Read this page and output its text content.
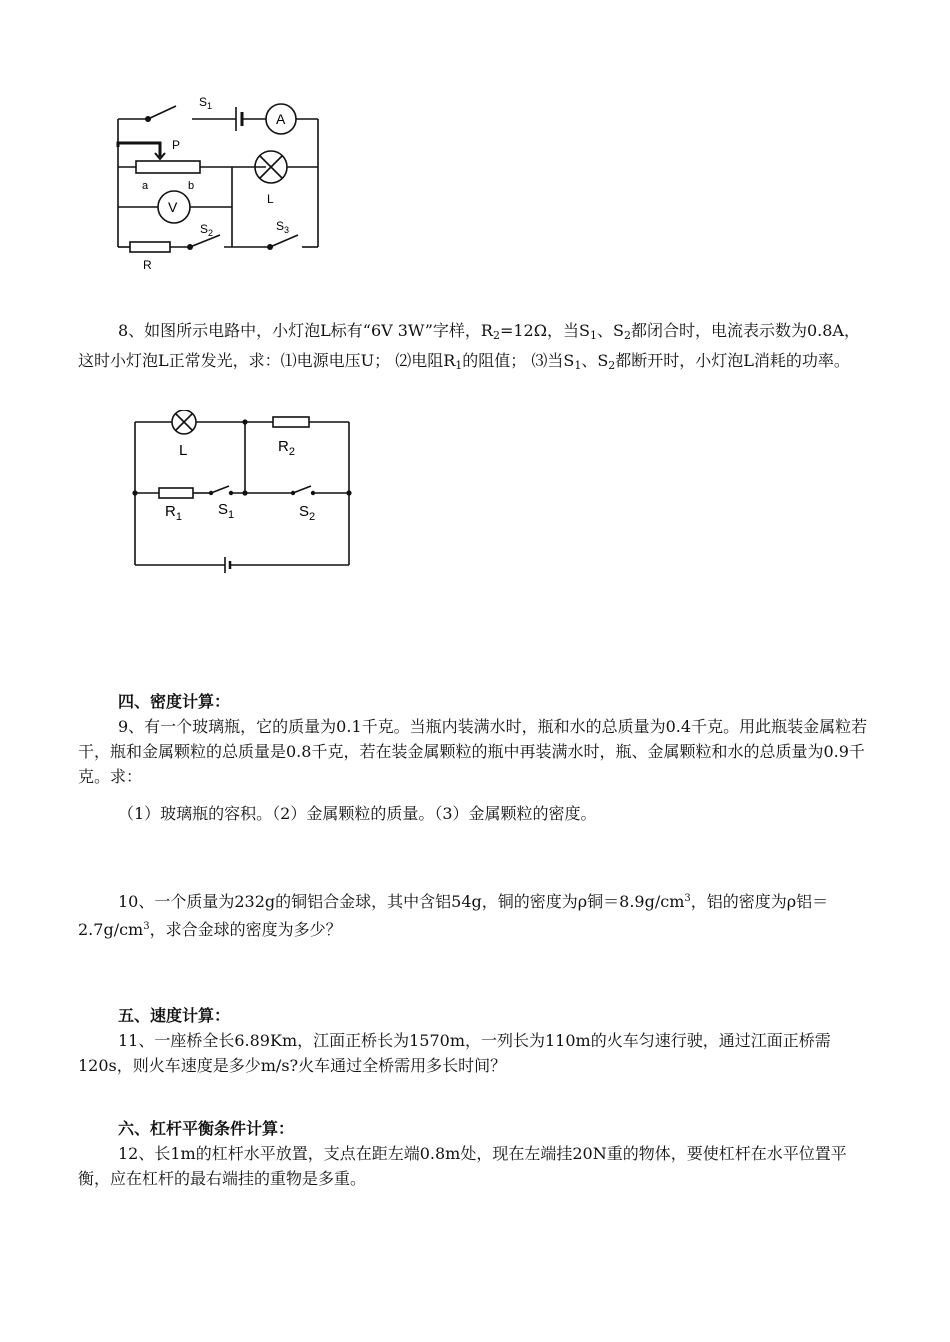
$S_1$
A
P
a	b
V	L
$S_2$	$S_3$
R
8、如图所示电路中，小灯泡L标有“6V 3W”字样，$R_2=12\Omega$，当$S_1$、$S_2$都闭合时，电流表示数为0.8A，这时小灯泡L正常发光，求：⑴电源电压U； ⑵电阻$R_1$的阻值； ⑶当$S_1$、$S_2$都断开时，小灯泡L消耗的功率。
L	$R_2$
$R_1$ $S_1$	$S_2$
四、密度计算：
9、有一个玻璃瓶，它的质量为0.1千克。当瓶内装满水时，瓶和水的总质量为0.4千克。用此瓶装金属粒若干，瓶和金属颗粒的总质量是0.8千克，若在装金属颗粒的瓶中再装满水时，瓶、金属颗粒和水的总质量为0.9千克。求：
（1）玻璃瓶的容积。（2）金属颗粒的质量。（3）金属颗粒的密度。
10、一个质量为232g的铜铝合金球，其中含铝54g，铜的密度为ρ铜$=8.9g/cm^3$，铝的密度为ρ铝$=2.7g/cm^3$，求合金球的密度为多少？
五、速度计算：
11、一座桥全长6.89Km，江面正桥长为1570m，一列长为110m的火车匀速行驶，通过江面正桥需120s，则火车速度是多少m/s?火车通过全桥需用多长时间？
六、杠杆平衡条件计算：
12、长1m的杠杆水平放置，支点在距左端0.8m处，现在左端挂20N重的物体，要使杠杆在水平位置平衡，应在杠杆的最右端挂的重物是多重。
